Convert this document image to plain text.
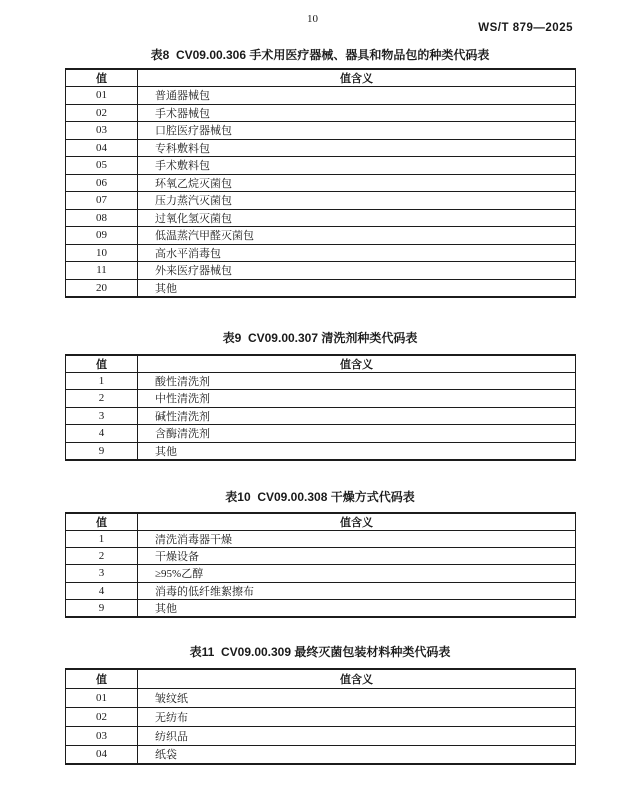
WS/T 879—2025
表8  CV09.00.306 手术用医疗器械、器具和物品包的种类代码表
值	值含义
01	普通器械包
02	手术器械包
03	口腔医疗器械包
04	专科敷料包
05	手术敷料包
06	环氧乙烷灭菌包
07	压力蒸汽灭菌包
08	过氧化氢灭菌包
09	低温蒸汽甲醛灭菌包
10	高水平消毒包
11	外来医疗器械包
20	其他
表9  CV09.00.307 清洗剂种类代码表
值	值含义
1	酸性清洗剂
2	中性清洗剂
3	碱性清洗剂
4	含酶清洗剂
9	其他
表10  CV09.00.308 干燥方式代码表
值	值含义
1	清洗消毒器干燥
2	干燥设备
3	≥95%乙醇
4	消毒的低纤维絮擦布
9	其他
表11  CV09.00.309 最终灭菌包装材料种类代码表
值	值含义
01	皱纹纸
02	无纺布
03	纺织品
04	纸袋
10
